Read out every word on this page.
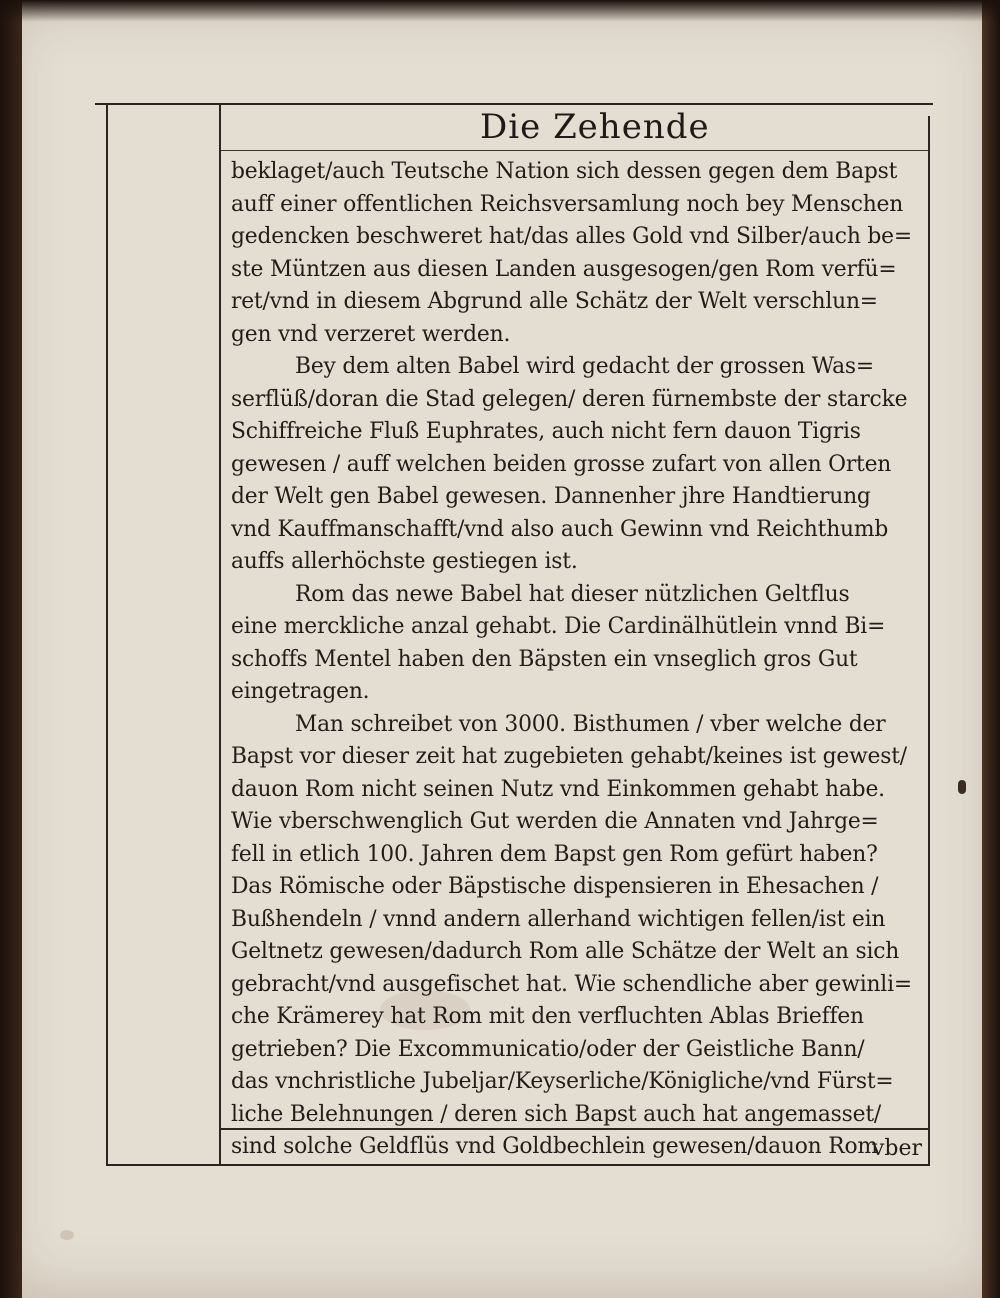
Die Zehende
beklaget/auch Teutsche Nation sich dessen gegen dem Bapst
auff einer offentlichen Reichsversamlung noch bey Menschen
gedencken beschweret hat/das alles Gold vnd Silber/auch be=
ste Müntzen aus diesen Landen ausgesogen/gen Rom verfü=
ret/vnd in diesem Abgrund alle Schätz der Welt verschlun=
gen vnd verzeret werden.
Bey dem alten Babel wird gedacht der grossen Was=
serflüß/doran die Stad gelegen/ deren fürnembste der starcke
Schiffreiche Fluß Euphrates, auch nicht fern dauon Tigris
gewesen / auff welchen beiden grosse zufart von allen Orten
der Welt gen Babel gewesen. Dannenher jhre Handtierung
vnd Kauffmanschafft/vnd also auch Gewinn vnd Reichthumb
auffs allerhöchste gestiegen ist.
Rom das newe Babel hat dieser nützlichen Geltflus
eine merckliche anzal gehabt. Die Cardinälhütlein vnnd Bi=
schoffs Mentel haben den Bäpsten ein vnseglich gros Gut
eingetragen.
Man schreibet von 3000. Bisthumen / vber welche der
Bapst vor dieser zeit hat zugebieten gehabt/keines ist gewest/
dauon Rom nicht seinen Nutz vnd Einkommen gehabt habe.
Wie vberschwenglich Gut werden die Annaten vnd Jahrge=
fell in etlich 100. Jahren dem Bapst gen Rom gefürt haben?
Das Römische oder Bäpstische dispensieren in Ehesachen /
Bußhendeln / vnnd andern allerhand wichtigen fellen/ist ein
Geltnetz gewesen/dadurch Rom alle Schätze der Welt an sich
gebracht/vnd ausgefischet hat. Wie schendliche aber gewinli=
che Krämerey hat Rom mit den verfluchten Ablas Brieffen
getrieben? Die Excommunicatio/oder der Geistliche Bann/
das vnchristliche Jubeljar/Keyserliche/Königliche/vnd Fürst=
liche Belehnungen / deren sich Bapst auch hat angemasset/
sind solche Geldflüs vnd Goldbechlein gewesen/dauon Rom
vber
